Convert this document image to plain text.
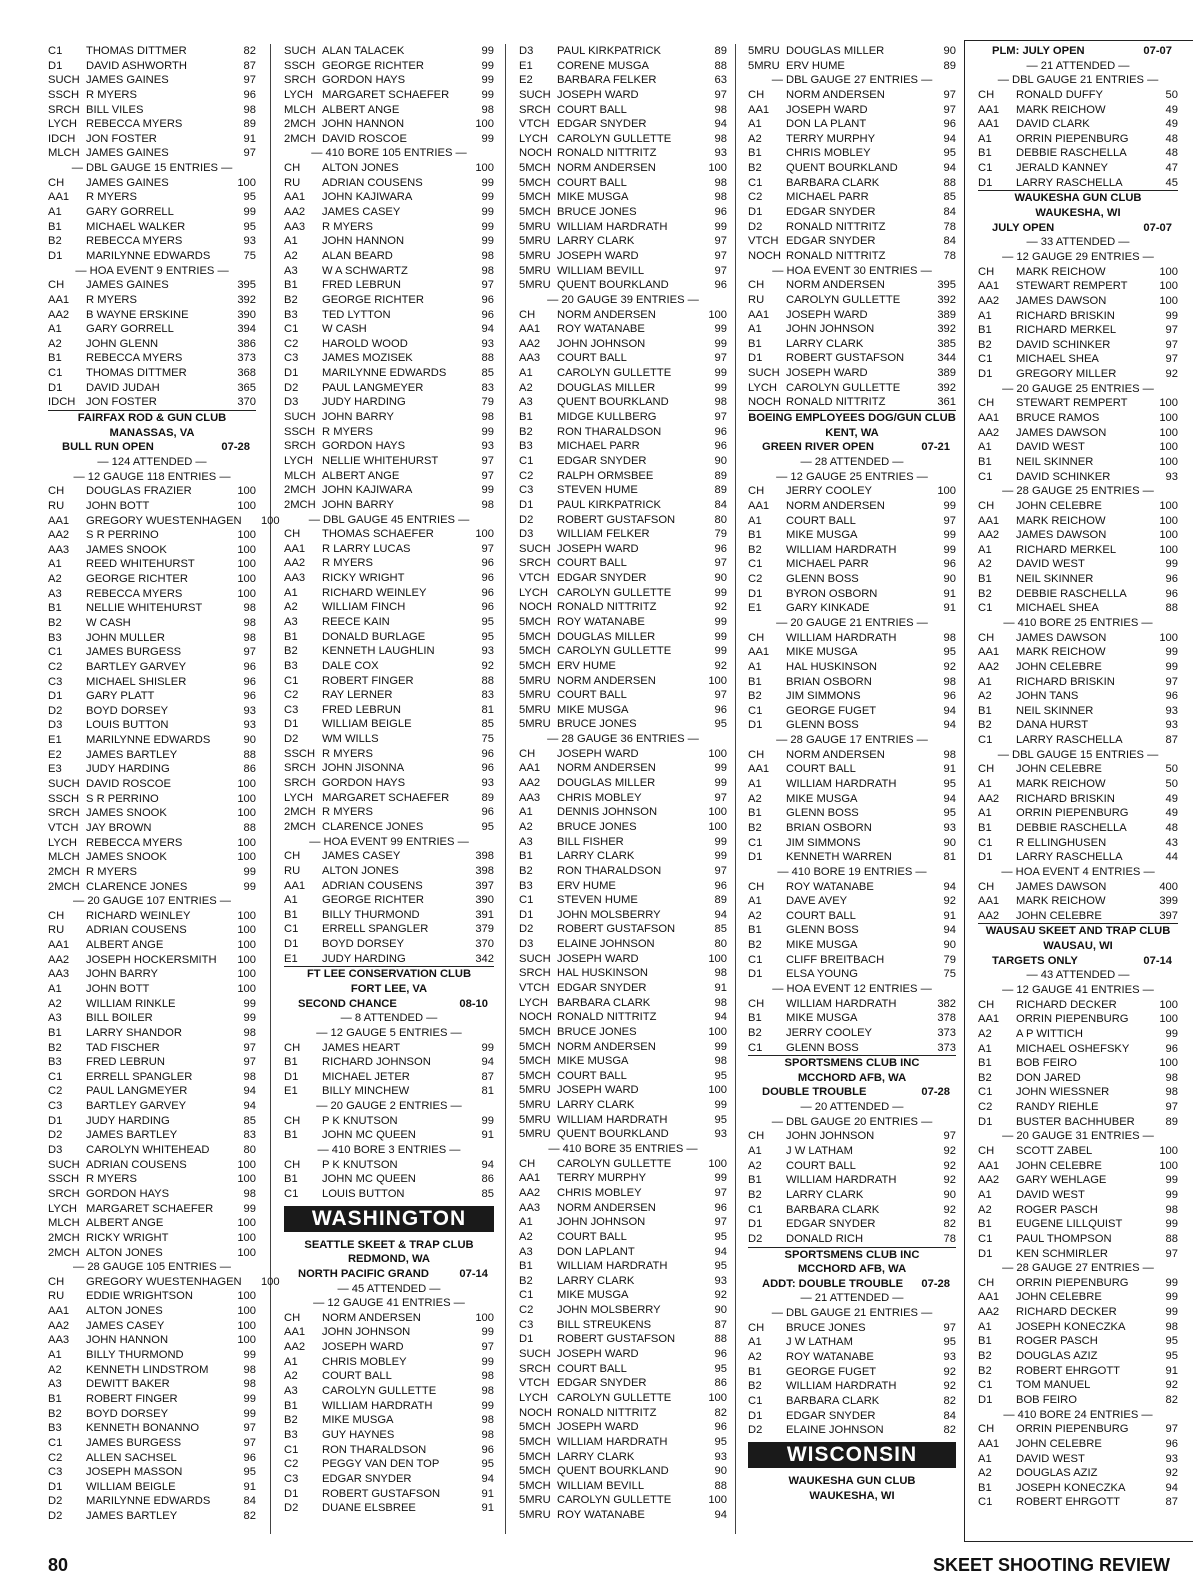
C1	THOMAS DITTMER	82
D1	DAVID ASHWORTH	87
SUCH JAMES GAINES	97
SSCH R MYERS	96
SRCH BILL VILES	98
LYCH REBECCA MYERS	89
IDCH JON FOSTER	91
MLCH JAMES GAINES	97
— DBL GAUGE 15 ENTRIES —
CH	JAMES GAINES	100
AA1	R MYERS	95
A1	GARY GORRELL	99
B1	MICHAEL WALKER	95
B2	REBECCA MYERS	93
D1	MARILYNNE EDWARDS	75
— HOA EVENT 9 ENTRIES —
CH	JAMES GAINES	395
AA1	R MYERS	392
AA2	B WAYNE ERSKINE	390
A1	GARY GORRELL	394
A2	JOHN GLENN	386
B1	REBECCA MYERS	373
C1	THOMAS DITTMER	368
D1	DAVID JUDAH	365
IDCH JON FOSTER	370
FAIRFAX ROD & GUN CLUB
MANASSAS, VA
BULL RUN OPEN	07-28
— 124 ATTENDED —
— 12 GAUGE 118 ENTRIES —
CH	DOUGLAS FRAZIER	100
RU	JOHN BOTT	100
AA1	GREGORY WUESTENHAGEN	100
AA2	S R PERRINO	100
AA3	JAMES SNOOK	100
A1	REED WHITEHURST	100
A2	GEORGE RICHTER	100
A3	REBECCA MYERS	100
B1	NELLIE WHITEHURST	98
B2	W CASH	98
B3	JOHN MULLER	98
C1	JAMES BURGESS	97
C2	BARTLEY GARVEY	96
C3	MICHAEL SHISLER	96
D1	GARY PLATT	96
D2	BOYD DORSEY	93
D3	LOUIS BUTTON	93
E1	MARILYNNE EDWARDS	90
E2	JAMES BARTLEY	88
E3	JUDY HARDING	86
SUCH DAVID ROSCOE	100
SSCH S R PERRINO	100
SRCH JAMES SNOOK	100
VTCH JAY BROWN	88
LYCH REBECCA MYERS	100
MLCH JAMES SNOOK	100
2MCH R MYERS	99
2MCH CLARENCE JONES	99
— 20 GAUGE 107 ENTRIES —
CH	RICHARD WEINLEY	100
RU	ADRIAN COUSENS	100
AA1	ALBERT ANGE	100
AA2	JOSEPH HOCKERSMITH	100
AA3	JOHN BARRY	100
A1	JOHN BOTT	100
A2	WILLIAM RINKLE	99
A3	BILL BOILER	99
B1	LARRY SHANDOR	98
B2	TAD FISCHER	97
B3	FRED LEBRUN	97
C1	ERRELL SPANGLER	98
C2	PAUL LANGMEYER	94
C3	BARTLEY GARVEY	94
D1	JUDY HARDING	85
D2	JAMES BARTLEY	83
D3	CAROLYN WHITEHEAD	80
SUCH ADRIAN COUSENS	100
SSCH R MYERS	100
SRCH GORDON HAYS	98
LYCH MARGARET SCHAEFER	99
MLCH ALBERT ANGE	100
2MCH RICKY WRIGHT	100
2MCH ALTON JONES	100
— 28 GAUGE 105 ENTRIES —
CH	GREGORY WUESTENHAGEN	100
RU	EDDIE WRIGHTSON	100
AA1	ALTON JONES	100
AA2	JAMES CASEY	100
AA3	JOHN HANNON	100
A1	BILLY THURMOND	99
A2	KENNETH LINDSTROM	98
A3	DEWITT BAKER	98
B1	ROBERT FINGER	99
B2	BOYD DORSEY	99
B3	KENNETH BONANNO	97
C1	JAMES BURGESS	97
C2	ALLEN SACHSEL	96
C3	JOSEPH MASSON	95
D1	WILLIAM BEIGLE	91
D2	MARILYNNE EDWARDS	84
D2	JAMES BARTLEY	82
SUCH ALAN TALACEK	99
SSCH GEORGE RICHTER	99
SRCH GORDON HAYS	99
LYCH MARGARET SCHAEFER	99
MLCH ALBERT ANGE	98
2MCH JOHN HANNON	100
2MCH DAVID ROSCOE	99
— 410 BORE 105 ENTRIES —
CH	ALTON JONES	100
RU	ADRIAN COUSENS	99
AA1	JOHN KAJIWARA	99
AA2	JAMES CASEY	99
AA3	R MYERS	99
A1	JOHN HANNON	99
A2	ALAN BEARD	98
A3	W A SCHWARTZ	98
B1	FRED LEBRUN	97
B2	GEORGE RICHTER	96
B3	TED LYTTON	96
C1	W CASH	94
C2	HAROLD WOOD	93
C3	JAMES MOZISEK	88
D1	MARILYNNE EDWARDS	85
D2	PAUL LANGMEYER	83
D3	JUDY HARDING	79
SUCH JOHN BARRY	98
SSCH R MYERS	99
SRCH GORDON HAYS	93
LYCH NELLIE WHITEHURST	97
MLCH ALBERT ANGE	97
2MCH JOHN KAJIWARA	99
2MCH JOHN BARRY	98
— DBL GAUGE 45 ENTRIES —
CH	THOMAS SCHAEFER	100
AA1	R LARRY LUCAS	97
AA2	R MYERS	96
AA3	RICKY WRIGHT	96
A1	RICHARD WEINLEY	96
A2	WILLIAM FINCH	96
A3	REECE KAIN	95
B1	DONALD BURLAGE	95
B2	KENNETH LAUGHLIN	93
B3	DALE COX	92
C1	ROBERT FINGER	88
C2	RAY LERNER	83
C3	FRED LEBRUN	81
D1	WILLIAM BEIGLE	85
D2	WM WILLS	75
SSCH R MYERS	96
SRCH JOHN JISONNA	96
SRCH GORDON HAYS	93
LYCH MARGARET SCHAEFER	89
2MCH R MYERS	96
2MCH CLARENCE JONES	95
— HOA EVENT 99 ENTRIES —
CH	JAMES CASEY	398
RU	ALTON JONES	398
AA1	ADRIAN COUSENS	397
A1	GEORGE RICHTER	390
B1	BILLY THURMOND	391
C1	ERRELL SPANGLER	379
D1	BOYD DORSEY	370
E1	JUDY HARDING	342
FT LEE CONSERVATION CLUB
FORT LEE, VA
SECOND CHANCE	08-10
— 8 ATTENDED —
— 12 GAUGE 5 ENTRIES —
CH	JAMES HEART	99
B1	RICHARD JOHNSON	94
D1	MICHAEL JETER	87
E1	BILLY MINCHEW	81
— 20 GAUGE 2 ENTRIES —
CH	P K KNUTSON	99
B1	JOHN MC QUEEN	91
— 410 BORE 3 ENTRIES —
CH	P K KNUTSON	94
B1	JOHN MC QUEEN	86
C1	LOUIS BUTTON	85
WASHINGTON
SEATTLE SKEET & TRAP CLUB
REDMOND, WA
NORTH PACIFIC GRAND	07-14
— 45 ATTENDED —
— 12 GAUGE 41 ENTRIES —
CH	NORM ANDERSEN	100
AA1	JOHN JOHNSON	99
AA2	JOSEPH WARD	97
A1	CHRIS MOBLEY	99
A2	COURT BALL	98
A3	CAROLYN GULLETTE	98
B1	WILLIAM HARDRATH	99
B2	MIKE MUSGA	98
B3	GUY HAYNES	98
C1	RON THARALDSON	96
C2	PEGGY VAN DEN TOP	95
C3	EDGAR SNYDER	94
D1	ROBERT GUSTAFSON	91
D2	DUANE ELSBREE	91
D3	PAUL KIRKPATRICK	89
E1	CORENE MUSGA	88
E2	BARBARA FELKER	63
SUCH JOSEPH WARD	97
SRCH COURT BALL	98
VTCH EDGAR SNYDER	94
LYCH CAROLYN GULLETTE	98
NOCH RONALD NITTRITZ	93
5MCH NORM ANDERSEN	100
5MCH COURT BALL	98
5MCH MIKE MUSGA	98
5MCH BRUCE JONES	96
5MRU WILLIAM HARDRATH	99
5MRU LARRY CLARK	97
5MRU JOSEPH WARD	97
5MRU WILLIAM BEVILL	97
5MRU QUENT BOURKLAND	96
— 20 GAUGE 39 ENTRIES —
CH	NORM ANDERSEN	100
AA1	ROY WATANABE	99
AA2	JOHN JOHNSON	99
AA3	COURT BALL	97
A1	CAROLYN GULLETTE	99
A2	DOUGLAS MILLER	99
A3	QUENT BOURKLAND	98
B1	MIDGE KULLBERG	97
B2	RON THARALDSON	96
B3	MICHAEL PARR	96
C1	EDGAR SNYDER	90
C2	RALPH ORMSBEE	89
C3	STEVEN HUME	89
D1	PAUL KIRKPATRICK	84
D2	ROBERT GUSTAFSON	80
D3	WILLIAM FELKER	79
SUCH JOSEPH WARD	96
SRCH COURT BALL	97
VTCH EDGAR SNYDER	90
LYCH CAROLYN GULLETTE	99
NOCH RONALD NITTRITZ	92
5MCH ROY WATANABE	99
5MCH DOUGLAS MILLER	99
5MCH CAROLYN GULLETTE	99
5MCH ERV HUME	92
5MRU NORM ANDERSEN	100
5MRU COURT BALL	97
5MRU MIKE MUSGA	96
5MRU BRUCE JONES	95
— 28 GAUGE 36 ENTRIES —
CH	JOSEPH WARD	100
AA1	NORM ANDERSEN	99
AA2	DOUGLAS MILLER	99
AA3	CHRIS MOBLEY	97
A1	DENNIS JOHNSON	100
A2	BRUCE JONES	100
A3	BILL FISHER	99
B1	LARRY CLARK	99
B2	RON THARALDSON	97
B3	ERV HUME	96
C1	STEVEN HUME	89
D1	JOHN MOLSBERRY	94
D2	ROBERT GUSTAFSON	85
D3	ELAINE JOHNSON	80
SUCH JOSEPH WARD	100
SRCH HAL HUSKINSON	98
VTCH EDGAR SNYDER	91
LYCH BARBARA CLARK	98
NOCH RONALD NITTRITZ	94
5MCH BRUCE JONES	100
5MCH NORM ANDERSEN	99
5MCH MIKE MUSGA	98
5MCH COURT BALL	95
5MRU JOSEPH WARD	100
5MRU LARRY CLARK	99
5MRU WILLIAM HARDRATH	95
5MRU QUENT BOURKLAND	93
— 410 BORE 35 ENTRIES —
CH	CAROLYN GULLETTE	100
AA1	TERRY MURPHY	99
AA2	CHRIS MOBLEY	97
AA3	NORM ANDERSEN	96
A1	JOHN JOHNSON	97
A2	COURT BALL	95
A3	DON LAPLANT	94
B1	WILLIAM HARDRATH	95
B2	LARRY CLARK	93
C1	MIKE MUSGA	92
C2	JOHN MOLSBERRY	90
C3	BILL STREUKENS	87
D1	ROBERT GUSTAFSON	88
SUCH JOSEPH WARD	96
SRCH COURT BALL	95
VTCH EDGAR SNYDER	86
LYCH CAROLYN GULLETTE	100
NOCH RONALD NITTRITZ	82
5MCH JOSEPH WARD	96
5MCH WILLIAM HARDRATH	95
5MCH LARRY CLARK	93
5MCH QUENT BOURKLAND	90
5MCH WILLIAM BEVILL	88
5MRU CAROLYN GULLETTE	100
5MRU ROY WATANABE	94
5MRU DOUGLAS MILLER	90
5MRU ERV HUME	89
— DBL GAUGE 27 ENTRIES —
CH	NORM ANDERSEN	97
AA1	JOSEPH WARD	97
A1	DON LA PLANT	96
A2	TERRY MURPHY	94
B1	CHRIS MOBLEY	95
B2	QUENT BOURKLAND	94
C1	BARBARA CLARK	88
C2	MICHAEL PARR	85
D1	EDGAR SNYDER	84
D2	RONALD NITTRITZ	78
VTCH EDGAR SNYDER	84
NOCH RONALD NITTRITZ	78
— HOA EVENT 30 ENTRIES —
CH	NORM ANDERSEN	395
RU	CAROLYN GULLETTE	392
AA1	JOSEPH WARD	389
A1	JOHN JOHNSON	392
B1	LARRY CLARK	385
D1	ROBERT GUSTAFSON	344
SUCH JOSEPH WARD	389
LYCH CAROLYN GULLETTE	392
NOCH RONALD NITTRITZ	361
BOEING EMPLOYEES DOG/GUN CLUB
KENT, WA
GREEN RIVER OPEN	07-21
— 28 ATTENDED —
— 12 GAUGE 25 ENTRIES —
CH	JERRY COOLEY	100
AA1	NORM ANDERSEN	99
A1	COURT BALL	97
B1	MIKE MUSGA	99
B2	WILLIAM HARDRATH	99
C1	MICHAEL PARR	96
C2	GLENN BOSS	90
D1	BYRON OSBORN	91
E1	GARY KINKADE	91
— 20 GAUGE 21 ENTRIES —
CH	WILLIAM HARDRATH	98
AA1	MIKE MUSGA	95
A1	HAL HUSKINSON	92
B1	BRIAN OSBORN	98
B2	JIM SIMMONS	96
C1	GEORGE FUGET	94
D1	GLENN BOSS	94
— 28 GAUGE 17 ENTRIES —
CH	NORM ANDERSEN	98
AA1	COURT BALL	91
A1	WILLIAM HARDRATH	95
A2	MIKE MUSGA	94
B1	GLENN BOSS	95
B2	BRIAN OSBORN	93
C1	JIM SIMMONS	90
D1	KENNETH WARREN	81
— 410 BORE 19 ENTRIES —
CH	ROY WATANABE	94
A1	DAVE AVEY	92
A2	COURT BALL	91
B1	GLENN BOSS	94
B2	MIKE MUSGA	90
C1	CLIFF BREITBACH	79
D1	ELSA YOUNG	75
— HOA EVENT 12 ENTRIES —
CH	WILLIAM HARDRATH	382
B1	MIKE MUSGA	378
B2	JERRY COOLEY	373
C1	GLENN BOSS	373
SPORTSMENS CLUB INC
MCCHORD AFB, WA
DOUBLE TROUBLE	07-28
— 20 ATTENDED —
— DBL GAUGE 20 ENTRIES —
CH	JOHN JOHNSON	97
A1	J W LATHAM	92
A2	COURT BALL	92
B1	WILLIAM HARDRATH	92
B2	LARRY CLARK	90
C1	BARBARA CLARK	92
D1	EDGAR SNYDER	82
D2	DONALD RICH	78
SPORTSMENS CLUB INC
MCCHORD AFB, WA
ADDT: DOUBLE TROUBLE 07-28
— 21 ATTENDED —
— DBL GAUGE 21 ENTRIES —
CH	BRUCE JONES	97
A1	J W LATHAM	95
A2	ROY WATANABE	93
B1	GEORGE FUGET	92
B2	WILLIAM HARDRATH	92
C1	BARBARA CLARK	82
D1	EDGAR SNYDER	84
D2	ELAINE JOHNSON	82
WISCONSIN
WAUKESHA GUN CLUB
WAUKESHA, WI
PLM: JULY OPEN	07-07
— 21 ATTENDED —
— DBL GAUGE 21 ENTRIES —
CH	RONALD DUFFY	50
AA1	MARK REICHOW	49
AA1	DAVID CLARK	49
A1	ORRIN PIEPENBURG	48
B1	DEBBIE RASCHELLA	48
C1	JERALD KANNEY	47
D1	LARRY RASCHELLA	45
WAUKESHA GUN CLUB
WAUKESHA, WI
JULY OPEN	07-07
— 33 ATTENDED —
— 12 GAUGE 29 ENTRIES —
CH	MARK REICHOW	100
AA1	STEWART REMPERT	100
AA2	JAMES DAWSON	100
A1	RICHARD BRISKIN	99
B1	RICHARD MERKEL	97
B2	DAVID SCHINKER	97
C1	MICHAEL SHEA	97
D1	GREGORY MILLER	92
— 20 GAUGE 25 ENTRIES —
CH	STEWART REMPERT	100
AA1	BRUCE RAMOS	100
AA2	JAMES DAWSON	100
A1	DAVID WEST	100
B1	NEIL SKINNER	100
C1	DAVID SCHINKER	93
— 28 GAUGE 25 ENTRIES —
CH	JOHN CELEBRE	100
AA1	MARK REICHOW	100
AA2	JAMES DAWSON	100
A1	RICHARD MERKEL	100
A2	DAVID WEST	99
B1	NEIL SKINNER	96
B2	DEBBIE RASCHELLA	96
C1	MICHAEL SHEA	88
— 410 BORE 25 ENTRIES —
CH	JAMES DAWSON	100
AA1	MARK REICHOW	99
AA2	JOHN CELEBRE	99
A1	RICHARD BRISKIN	97
A2	JOHN TANS	96
B1	NEIL SKINNER	93
B2	DANA HURST	93
C1	LARRY RASCHELLA	87
— DBL GAUGE 15 ENTRIES —
CH	JOHN CELEBRE	50
A1	MARK REICHOW	50
AA2	RICHARD BRISKIN	49
A1	ORRIN PIEPENBURG	49
B1	DEBBIE RASCHELLA	48
C1	R ELLINGHUSEN	43
D1	LARRY RASCHELLA	44
— HOA EVENT 4 ENTRIES —
CH	JAMES DAWSON	400
AA1	MARK REICHOW	399
AA2	JOHN CELEBRE	397
WAUSAU SKEET AND TRAP CLUB
WAUSAU, WI
TARGETS ONLY	07-14
— 43 ATTENDED —
— 12 GAUGE 41 ENTRIES —
CH	RICHARD DECKER	100
AA1	ORRIN PIEPENBURG	100
A2	A P WITTICH	99
A1	MICHAEL OSHEFSKY	96
B1	BOB FEIRO	100
B2	DON JARED	98
C1	JOHN WIESSNER	98
C2	RANDY RIEHLE	97
D1	BUSTER BACHHUBER	89
— 20 GAUGE 31 ENTRIES —
CH	SCOTT ZABEL	100
AA1	JOHN CELEBRE	100
AA2	GARY WEHLAGE	99
A1	DAVID WEST	99
A2	ROGER PASCH	98
B1	EUGENE LILLQUIST	99
C1	PAUL THOMPSON	88
D1	KEN SCHMIRLER	97
— 28 GAUGE 27 ENTRIES —
CH	ORRIN PIEPENBURG	99
AA1	JOHN CELEBRE	99
AA2	RICHARD DECKER	99
A1	JOSEPH KONECZKA	98
B1	ROGER PASCH	95
B2	DOUGLAS AZIZ	95
B2	ROBERT EHRGOTT	91
C1	TOM MANUEL	92
D1	BOB FEIRO	82
— 410 BORE 24 ENTRIES —
CH	ORRIN PIEPENBURG	97
AA1	JOHN CELEBRE	96
A1	DAVID WEST	93
A2	DOUGLAS AZIZ	92
B1	JOSEPH KONECZKA	94
C1	ROBERT EHRGOTT	87
80	SKEET SHOOTING REVIEW
